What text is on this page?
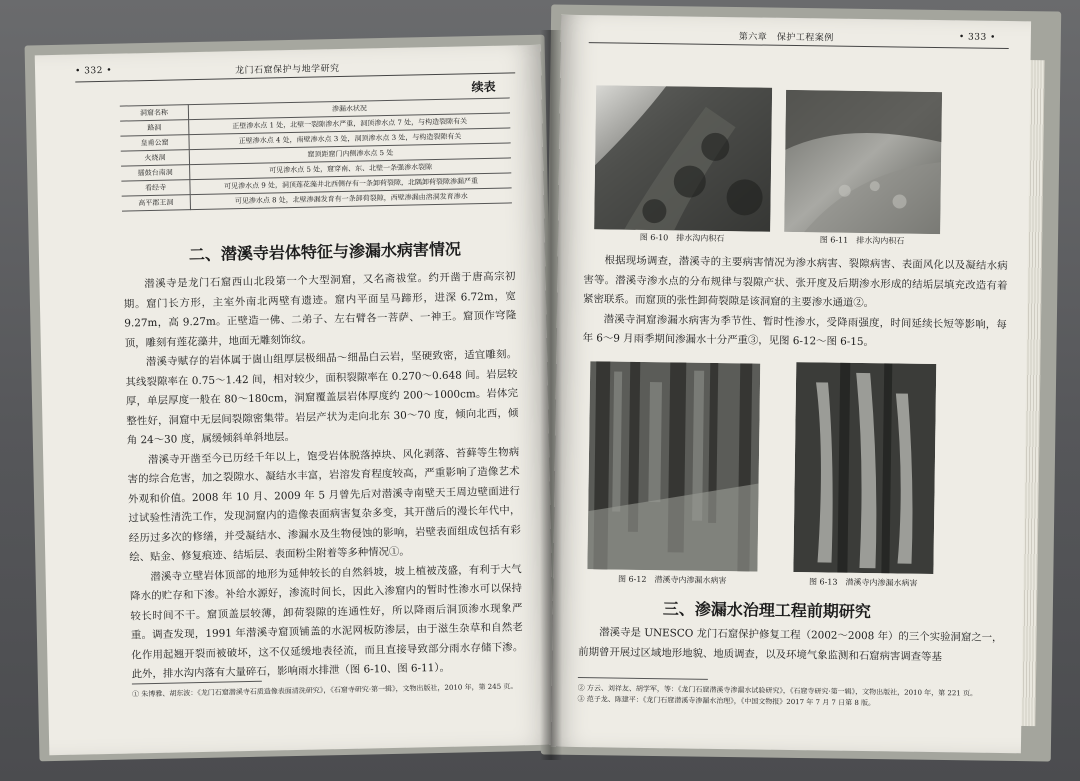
• 332 •	龙门石窟保护与地学研究
续表
洞窟名称	渗漏水状况
路洞	正壁渗水点 1 处，北壁一裂隙渗水严重，洞顶渗水点 7 处，与构造裂隙有关
皇甫公窟	正壁渗水点 4 处，南壁渗水点 3 处，洞顶渗水点 3 处，与构造裂隙有关
火烧洞	窟顶距窟门内侧渗水点 5 处
擂鼓台南洞	可见渗水点 5 处，窟穿南、东、北壁一条强渗水裂隙
看经寺	可见渗水点 9 处，洞顶莲花藻井北西侧存有一条卸荷裂隙，北隅卸荷裂隙渗漏严重
高平郡王洞	可见渗水点 8 处，北壁渗漏发育有一条卸荷裂隙，西壁渗漏由溶洞发育渗水
二、潜溪寺岩体特征与渗漏水病害情况

潜溪寺是龙门石窟西山北段第一个大型洞窟，又名斋祓堂。约开凿于唐高宗初期。窟门长方形，主室外南北两壁有遗迹。窟内平面呈马蹄形，进深 6.72m，宽 9.27m，高 9.27m。正壁造一佛、二弟子、左右臂各一菩萨、一神王。窟顶作穹隆顶，雕刻有莲花藻井，地面无雕刻饰纹。

潜溪寺赋存的岩体属于崮山组厚层极细晶～细晶白云岩，坚硬致密，适宜雕刻。其线裂隙率在 0.75～1.42 间，相对较少，面积裂隙率在 0.270～0.648 间。岩层较厚，单层厚度一般在 80～180cm，洞窟覆盖层岩体厚度约 200～1000cm。岩体完整性好，洞窟中无层间裂隙密集带。岩层产状为走向北东 30～70 度，倾向北西，倾角 24～30 度，属缓倾斜单斜地层。

潜溪寺开凿至今已历经千年以上，饱受岩体脱落掉块、风化剥落、苔藓等生物病害的综合危害，加之裂隙水、凝结水丰富，岩溶发育程度较高，严重影响了造像艺术外观和价值。2008 年 10 月、2009 年 5 月曾先后对潜溪寺南壁天王周边壁面进行过试验性清洗工作，发现洞窟内的造像表面病害复杂多变，其开凿后的漫长年代中，经历过多次的修缮，并受凝结水、渗漏水及生物侵蚀的影响，岩壁表面组成包括有彩绘、贴金、修复痕迹、结垢层、表面粉尘附着等多种情况①。

潜溪寺立壁岩体顶部的地形为延伸较长的自然斜坡，坡上植被茂盛，有利于大气降水的贮存和下渗。补给水源好，渗流时间长，因此入渗窟内的暂时性渗水可以保持较长时间不干。窟顶盖层较薄，卸荷裂隙的连通性好，所以降雨后洞顶渗水现象严重。调查发现，1991 年潜溪寺窟顶铺盖的水泥网板防渗层，由于滋生杂草和自然老化作用起翘开裂而被破坏，这不仅延缓地表径流，而且直接导致部分雨水存储下渗。此外，排水沟内落有大量碎石，影响雨水排泄（图 6-10、图 6-11）。

① 朱博雅、胡东波：《龙门石窟潜溪寺石质造像表面清洗研究》，《石窟寺研究·第一辑》，文物出版社，2010 年，第 245 页。

第六章　保护工程案例	• 333 •
图 6-10　排水沟内积石	图 6-11　排水沟内积石

根据现场调查，潜溪寺的主要病害情况为渗水病害、裂隙病害、表面风化以及凝结水病害等。潜溪寺渗水点的分布规律与裂隙产状、张开度及后期渗水形成的结垢层填充改造有着紧密联系。而窟顶的张性卸荷裂隙是该洞窟的主要渗水通道②。

潜溪寺洞窟渗漏水病害为季节性、暂时性渗水，受降雨强度，时间延续长短等影响，每年 6～9 月雨季期间渗漏水十分严重③，见图 6-12～图 6-15。

图 6-12　潜溪寺内渗漏水病害	图 6-13　潜溪寺内渗漏水病害
三、渗漏水治理工程前期研究

潜溪寺是 UNESCO 龙门石窟保护修复工程（2002～2008 年）的三个实验洞窟之一，前期曾开展过区域地形地貌、地质调查，以及环境气象监测和石窟病害调查等基

② 方云、刘祥友、胡学军，等：《龙门石窟潜溪寺渗漏水试验研究》，《石窟寺研究·第一辑》，文物出版社，2010 年，第 221 页。

③ 范子龙、陈建平：《龙门石窟潜溪寺渗漏水治理》，《中国文物报》2017 年 7 月 7 日第 8 版。
